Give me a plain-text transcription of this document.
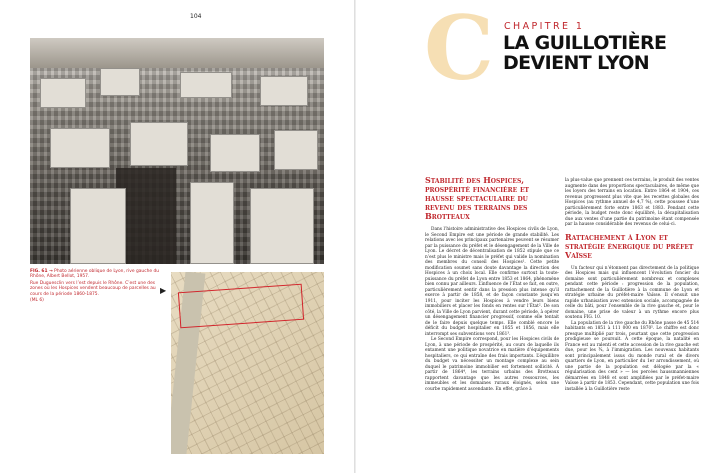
104
FIG. 61 → Photo aérienne oblique de Lyon, rive gauche du Rhône, Albert Bellot, 1957.
Rue Duguesclin vers l’est depuis le Rhône. C’est une des zones où les Hospices vendent beaucoup de parcelles au cours de la période 1860-1875.
(ML 6)
▶
C CHAPITRE 1
LA GUILLOTIÈRE DEVIENT LYON
Stabilité des Hospices, prospérité financière et hausse spectaculaire du revenu des terrains des Brotteaux

Dans l’histoire administrative des Hospices civils de Lyon, le Second Empire est une période de grande stabilité. Les relations avec les principaux partenaires peuvent se résumer par la puissance du préfet et le désengagement de la Ville de Lyon. Le décret de décentralisation de 1852 stipule que ce n’est plus le ministre mais le préfet qui valide la nomination des membres du conseil des Hospices¹. Cette petite modification soumet sans doute davantage la direction des Hospices à un choix local. Elle confirme surtout la toute-puissance du préfet de Lyon entre 1853 et 1864, phénomène bien connu par ailleurs. L’influence de l’État se fait, en outre, particulièrement sentir dans la pression plus intense qu’il exerce à partir de 1858, et de façon constante jusqu’en 1911, pour inciter les Hospices à vendre leurs biens immobiliers et placer les fonds en rentes sur l’État². De son côté, la Ville de Lyon parvient, durant cette période, à opérer un désengagement financier progressif, comme elle tentait de le faire depuis quelque temps. Elle comblé encore le déficit du budget hospitalier en 1855 et 1856, mais elle interrompt ses subventions vers 1861³.

Le Second Empire correspond, pour les Hospices civils de Lyon, à une période de prospérité, au cours de laquelle ils entament une politique novatrice en matière d’équipements hospitaliers, ce qui entraîne des frais importants. L’équilibre du budget va nécessiter un montage complexe au sein duquel le patrimoine immobilier est fortement sollicité. À partir de 1864⁴, les terrains urbains des Brotteaux rapportent davantage que les autres ressources, les immeubles et les domaines ruraux éloignés, selon une courbe rapidement ascendante. En effet, grâce à

la plus-value que prennent ces terrains, le produit des ventes augmente dans des proportions spectaculaires, de même que les loyers des terrains en location. Entre 1864 et 1904, ces revenus progressent plus vite que les recettes globales des Hospices (au rythme annuel de 4,7 %), cette poussee d’une particulièrement forte entre 1863 et 1883. Pendant cette période, la budget reste donc équilibré, la décapitalisation due aux ventes d’une partie du patrimoine étant compensée par la hausse considérable des revenus de celui-ci.

Rattachement à Lyon et stratégie énergique du préfet Vaïsse

Un facteur qui n’étonnent pas directement de la politique des Hospices mais qui influencent l’évolution foncier du domaine sont particulièrement nombreux et complexes pendant cette période : progression de la population, rattachement de la Guillotière à la commune de Lyon et stratégie urbaine du préfet-maire Vaïsse. Il s’ensuit une rapide urbanisation avec extension sociale, accompagnée de celle du bâti, pour l’ensemble de la rive gauche et, pour le domaine, une prise de valeur à un rythme encore plus soutenu FIG. 10.

La population de la rive gauche du Rhône passe de 45 514 habitants en 1851 à 111 000 en 1870⁵. Le chiffre est donc presque multiplié par trois, pourtant que cette progression prodigieuse se poursuit. À cette époque, la natalité en France est au ralenti et cette accession de la rive gauche est due, pour les ¾, à l’immigration. Les nouveaux habitants sont principalement issus du monde rural et de divers quartiers de Lyon, en particulier du 1er arrondissement, où une partie de la population est délogée par la « régularisation des cent » — les percées haussmanniennes démarrées en 1848 et sont amplifiées par le préfet-maire Vaïsse à partir de 1853. Cependant, cette population une fois installée à la Guillotière reste
